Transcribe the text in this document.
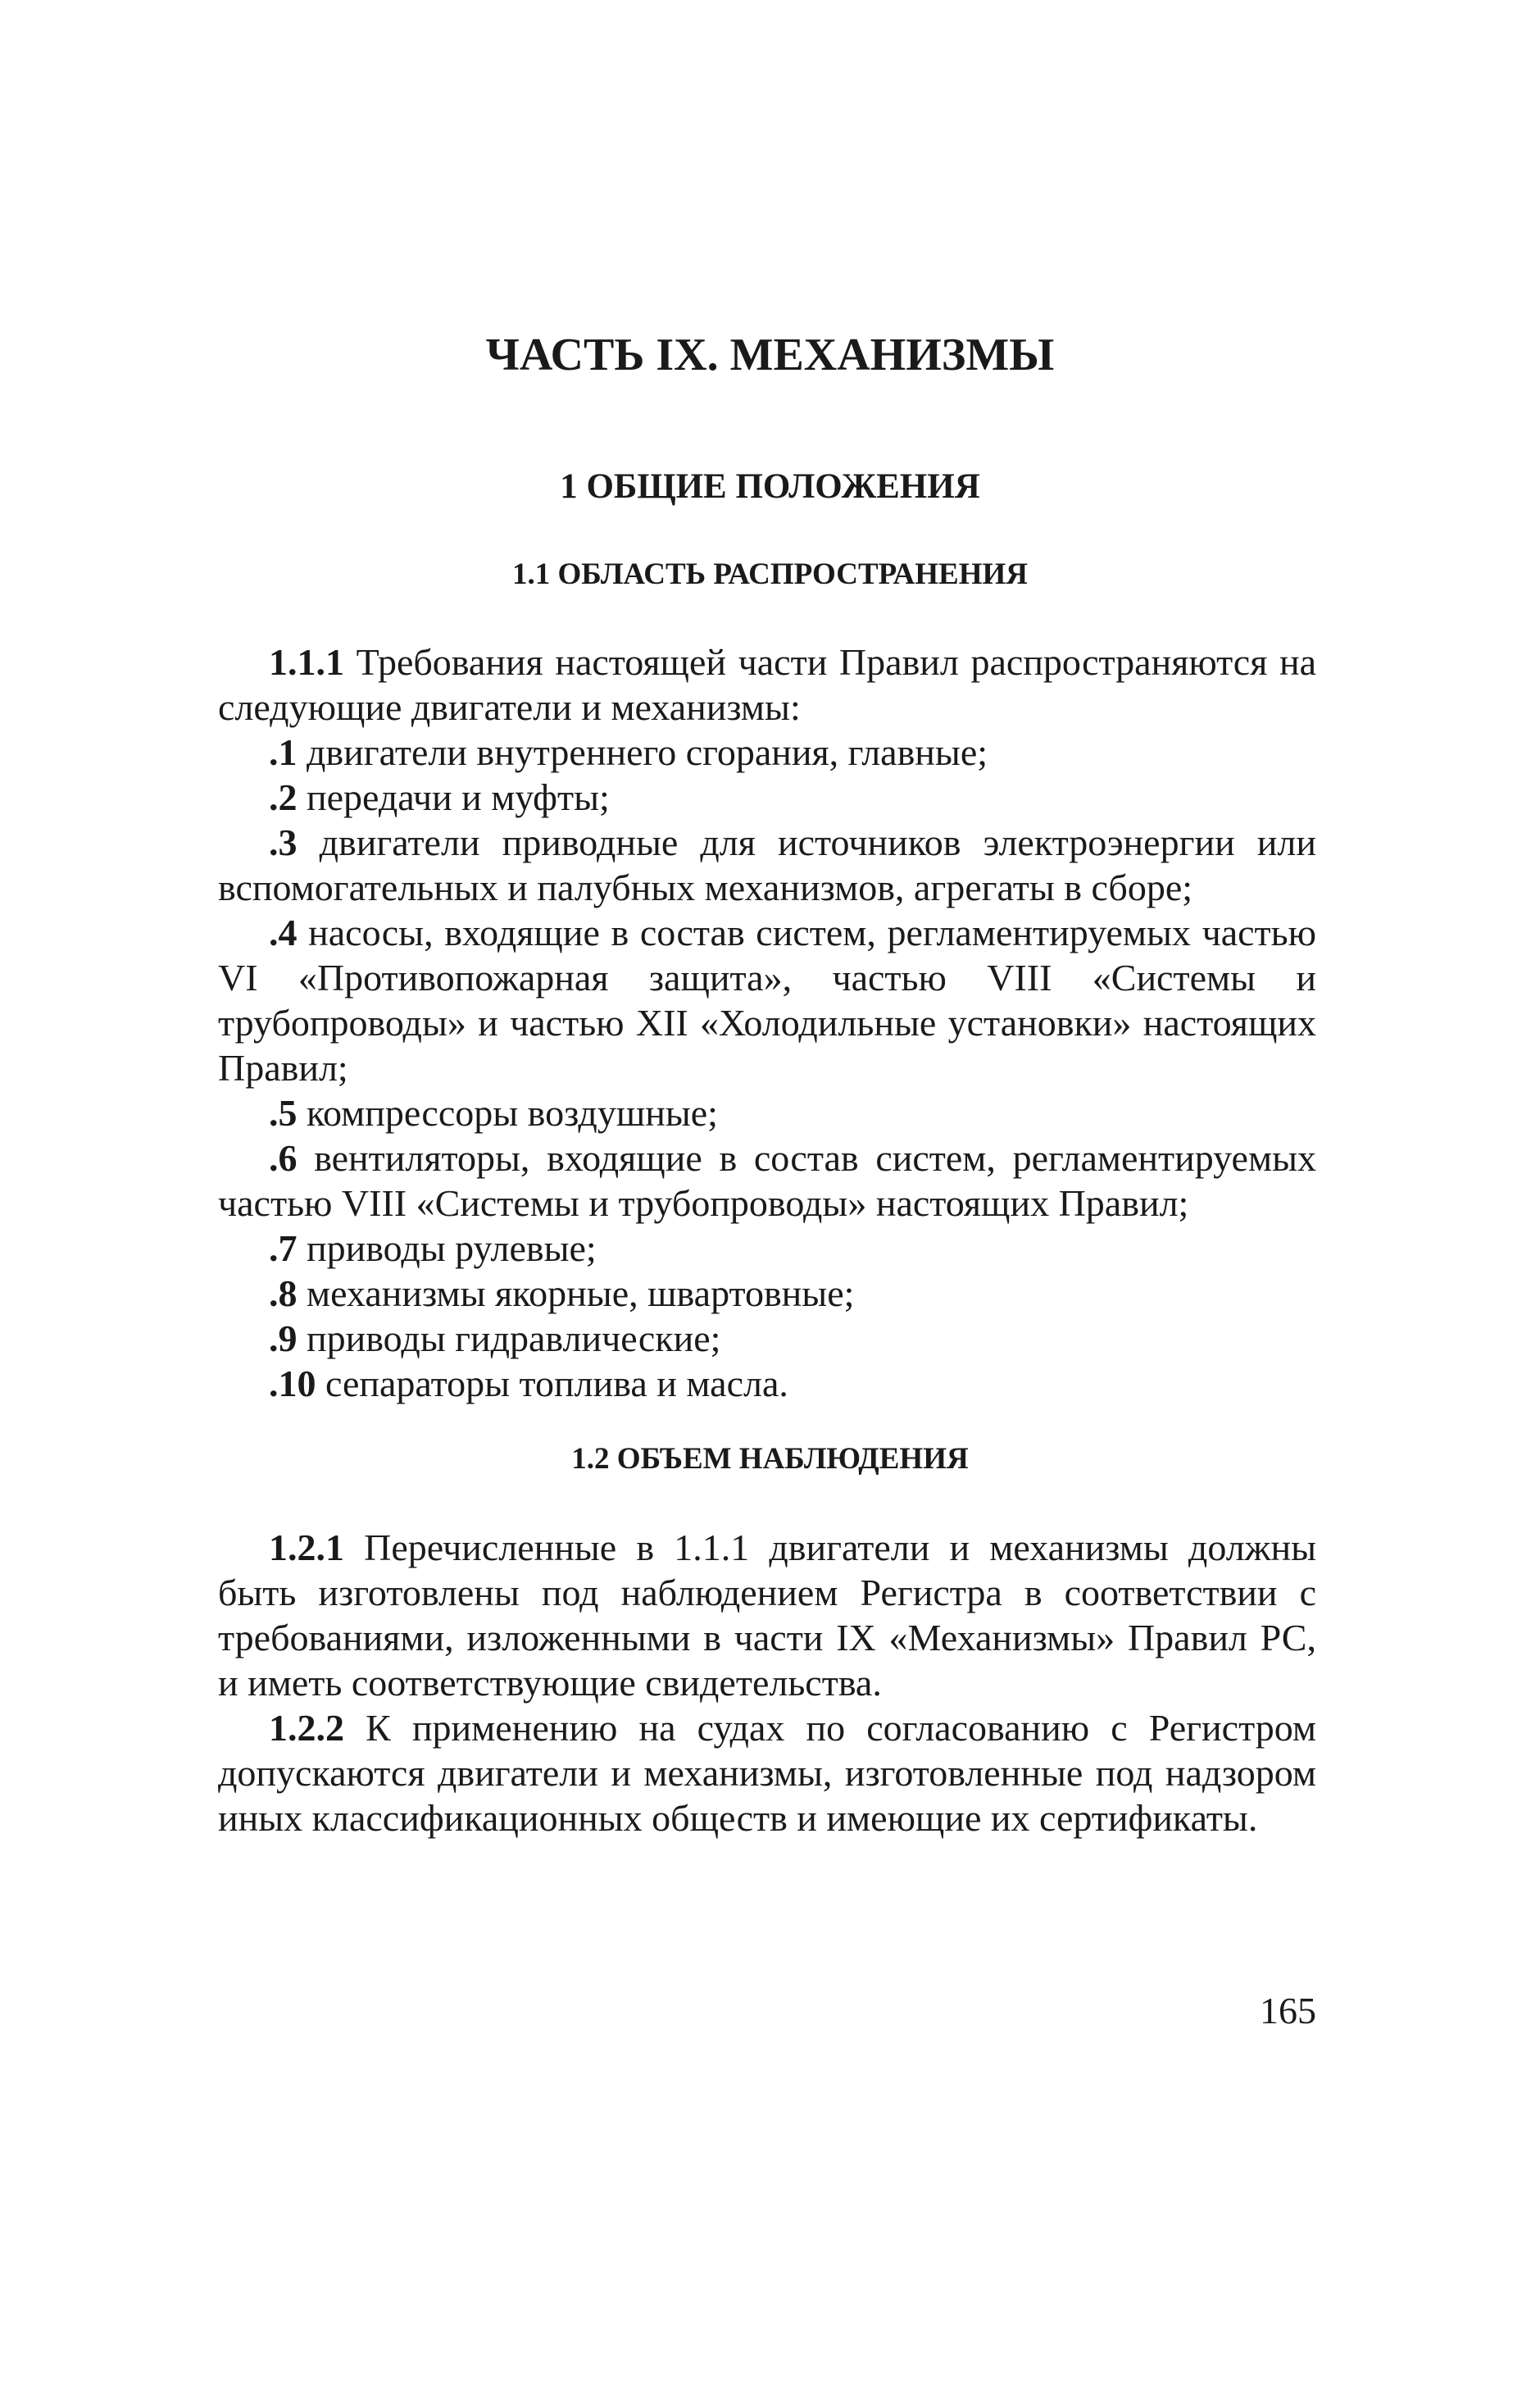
ЧАСТЬ IX. МЕХАНИЗМЫ
1 ОБЩИЕ ПОЛОЖЕНИЯ
1.1 ОБЛАСТЬ РАСПРОСТРАНЕНИЯ

1.1.1 Требования настоящей части Правил распространяются на следующие двигатели и механизмы:

.1 двигатели внутреннего сгорания, главные;

.2 передачи и муфты;

.3 двигатели приводные для источников электроэнергии или вспомогательных и палубных механизмов, агрегаты в сборе;

.4 насосы, входящие в состав систем, регламентируемых частью VI «Противопожарная защита», частью VIII «Системы и трубопроводы» и частью XII «Холодильные установки» настоящих Правил;

.5 компрессоры воздушные;

.6 вентиляторы, входящие в состав систем, регламентируемых частью VIII «Системы и трубопроводы» настоящих Правил;

.7 приводы рулевые;

.8 механизмы якорные, швартовные;

.9 приводы гидравлические;

.10 сепараторы топлива и масла.

1.2 ОБЪЕМ НАБЛЮДЕНИЯ

1.2.1 Перечисленные в 1.1.1 двигатели и механизмы должны быть изготовлены под наблюдением Регистра в соответствии с требованиями, изложенными в части IX «Механизмы» Правил РС, и иметь соответствующие свидетельства.

1.2.2 К применению на судах по согласованию с Регистром допускаются двигатели и механизмы, изготовленные под надзором иных классификационных обществ и имеющие их сертификаты.

165
